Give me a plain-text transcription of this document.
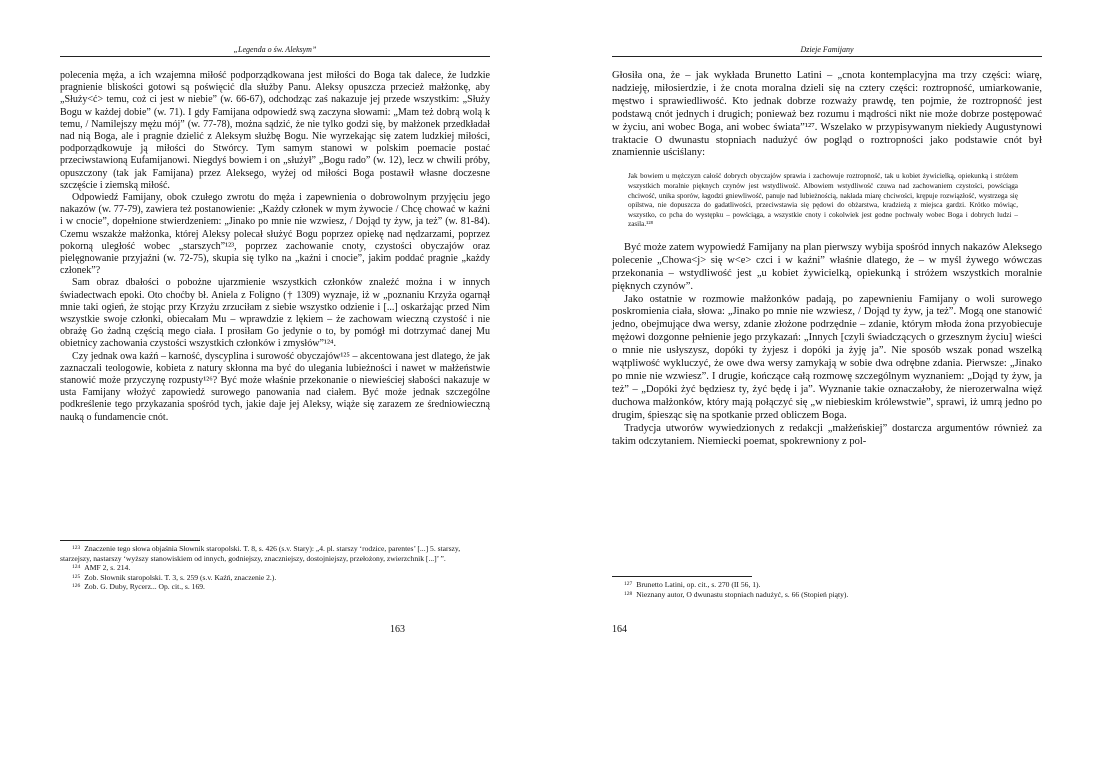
„Legenda o św. Aleksym”

polecenia męża, a ich wzajemna miłość podporządkowana jest miłości do Boga tak dalece, że ludzkie pragnienie bliskości gotowi są poświęcić dla służby Panu. Aleksy opuszcza przecież małżonkę, aby „Służy<ć> temu, coż ci jest w niebie” (w. 66-67), odchodząc zaś nakazuje jej przede wszystkim: „Służy Bogu w każdej dobie” (w. 71). I gdy Famijana odpowiedź swą zaczyna słowami: „Mam też dobrą wolą k temu, / Namilejszy mężu mój” (w. 77-78), można sądzić, że nie tylko godzi się, by małżonek przedkładał nad nią Boga, ale i pragnie dzielić z Aleksym służbę Bogu. Nie wyrzekając się zatem ludzkiej miłości, podporządkowuje ją miłości do Stwórcy. Tym samym stanowi w polskim poemacie postać przeciwstawioną Eufamijanowi. Niegdyś bowiem i on „służył” „Bogu rado” (w. 12), lecz w chwili próby, opuszczony (tak jak Famijana) przez Aleksego, wyżej od miłości Boga postawił własne doczesne szczęście i ziemską miłość.

Odpowiedź Famijany, obok czułego zwrotu do męża i zapewnienia o dobrowolnym przyjęciu jego nakazów (w. 77-79), zawiera też postanowienie: „Każdy członek w mym żywocie / Chcę chować w kaźni i w cnocie”, dopełnione stwierdzeniem: „Jinako po mnie nie wzwiesz, / Dojąd ty żyw, ja też” (w. 81-84). Czemu wszakże małżonka, której Aleksy polecał służyć Bogu poprzez opiekę nad nędzarzami, poprzez pokorną uległość wobec „starszych”¹²³, poprzez zachowanie cnoty, czystości obyczajów oraz pielęgnowanie przyjaźni (w. 72-75), skupia się tylko na „kaźni i cnocie”, jakim poddać pragnie „każdy członek”?

Sam obraz dbałości o pobożne ujarzmienie wszystkich członków znaleźć można i w innych świadectwach epoki. Oto choćby bł. Aniela z Foligno († 1309) wyznaje, iż w „poznaniu Krzyża ogarnął mnie taki ogień, że stojąc przy Krzyżu zrzuciłam z siebie wszystko odzienie i [...] oskarżając przed Nim wszystkie swoje członki, obiecałam Mu – wprawdzie z lękiem – że zachowam wieczną czystość i nie obrażę Go żadną częścią mego ciała. I prosiłam Go jedynie o to, by pomógł mi dotrzymać danej Mu obietnicy zachowania czystości wszystkich członków i zmysłów”¹²⁴.

Czy jednak owa kaźń – karność, dyscyplina i surowość obyczajów¹²⁵ – akcentowana jest dlatego, że jak zaznaczali teologowie, kobieta z natury skłonna ma być do ulegania lubieżności i nawet w małżeństwie stanowić może przyczynę rozpusty¹²⁶? Być może właśnie przekonanie o niewieściej słabości nakazuje w usta Famijany włożyć zapowiedź surowego panowania nad ciałem. Być może jednak szczególne podkreślenie tego przykazania spośród tych, jakie daje jej Aleksy, wiąże się zarazem ze średniowieczną nauką o fundamencie cnót.

$^{123}$ Znaczenie tego słowa objaśnia Słownik staropolski. T. 8, s. 426 (s.v. Stary): „4. pl. starszy ‘rodzice, parentes’ [...] 5. starszy, starzejszy, nastarszy ‘wyższy stanowiskiem od innych, godniejszy, znaczniejszy, dostojniejszy, przełożony, zwierzchnik [...]’ ”.

$^{124}$ AMF 2, s. 214.

$^{125}$ Zob. Słownik staropolski. T. 3, s. 259 (s.v. Kaźń, znaczenie 2.).

$^{126}$ Zob. G. Duby, Rycerz... Op. cit., s. 169.

163
Dzieje Famijany

Głosiła ona, że – jak wykłada Brunetto Latini – „cnota kontemplacyjna ma trzy części: wiarę, nadzieję, miłosierdzie, i że cnota moralna dzieli się na cztery części: roztropność, umiarkowanie, męstwo i sprawiedliwość. Kto jednak dobrze rozważy prawdę, ten pojmie, że roztropność jest podstawą cnót jednych i drugich; ponieważ bez rozumu i mądrości nikt nie może dobrze postępować w życiu, ani wobec Boga, ani wobec świata”¹²⁷. Wszelako w przypisywanym niekiedy Augustynowi traktacie O dwunastu stopniach nadużyć ów pogląd o roztropności jako podstawie cnót był znamiennie uściślany:

Jak bowiem u mężczyzn całość dobrych obyczajów sprawia i zachowuje roztropność, tak u kobiet żywicielką, opiekunką i stróżem wszystkich moralnie pięknych czynów jest wstydliwość. Albowiem wstydliwość czuwa nad zachowaniem czystości, powściąga chciwość, unika sporów, łagodzi gniewliwość, panuje nad lubieżnością, nakłada miarę chciwości, krępuje rozwiązłość, wystrzega się opilstwa, nie dopuszcza do gadatliwości, przeciwstawia się pędowi do obżarstwa, kradzieżą z miejsca gardzi. Krótko mówiąc, wszystko, co pcha do występku – powściąga, a wszystkie cnoty i cokolwiek jest godne pochwały wobec Boga i dobrych ludzi – zasila.¹²⁸

Być może zatem wypowiedź Famijany na plan pierwszy wybija spośród innych nakazów Aleksego polecenie „Chowa<j> się w<e> czci i w kaźni” właśnie dlatego, że – w myśl żywego wówczas przekonania – wstydliwość jest „u kobiet żywicielką, opiekunką i stróżem wszystkich moralnie pięknych czynów”.

Jako ostatnie w rozmowie małżonków padają, po zapewnieniu Famijany o woli surowego poskromienia ciała, słowa: „Jinako po mnie nie wzwiesz, / Dojąd ty żyw, ja też”. Mogą one stanowić jedno, obejmujące dwa wersy, zdanie złożone podrzędnie – zdanie, którym młoda żona przyobiecuje mężowi dozgonne pełnienie jego przykazań: „Innych [czyli świadczących o grzesznym życiu] wieści o mnie nie usłyszysz, dopóki ty żyjesz i dopóki ja żyję ja”. Nie sposób wszak ponad wszelką wątpliwość wykluczyć, że owe dwa wersy zamykają w sobie dwa odrębne zdania. Pierwsze: „Jinako po mnie nie wzwiesz”. I drugie, kończące całą rozmowę szczególnym wyznaniem: „Dojąd ty żyw, ja też” – „Dopóki żyć będziesz ty, żyć będę i ja”. Wyznanie takie oznaczałoby, że nierozerwalna więź duchowa małżonków, który mają połączyć się „w niebieskim królewstwie”, sprawi, iż umrą jedno po drugim, śpiesząc się na spotkanie przed obliczem Boga.

Tradycja utworów wywiedzionych z redakcji „małżeńskiej” dostarcza argumentów również za takim odczytaniem. Niemiecki poemat, spokrewniony z pol-

$^{127}$ Brunetto Latini, op. cit., s. 270 (II 56, 1).

$^{128}$ Nieznany autor, O dwunastu stopniach nadużyć, s. 66 (Stopień piąty).

164
